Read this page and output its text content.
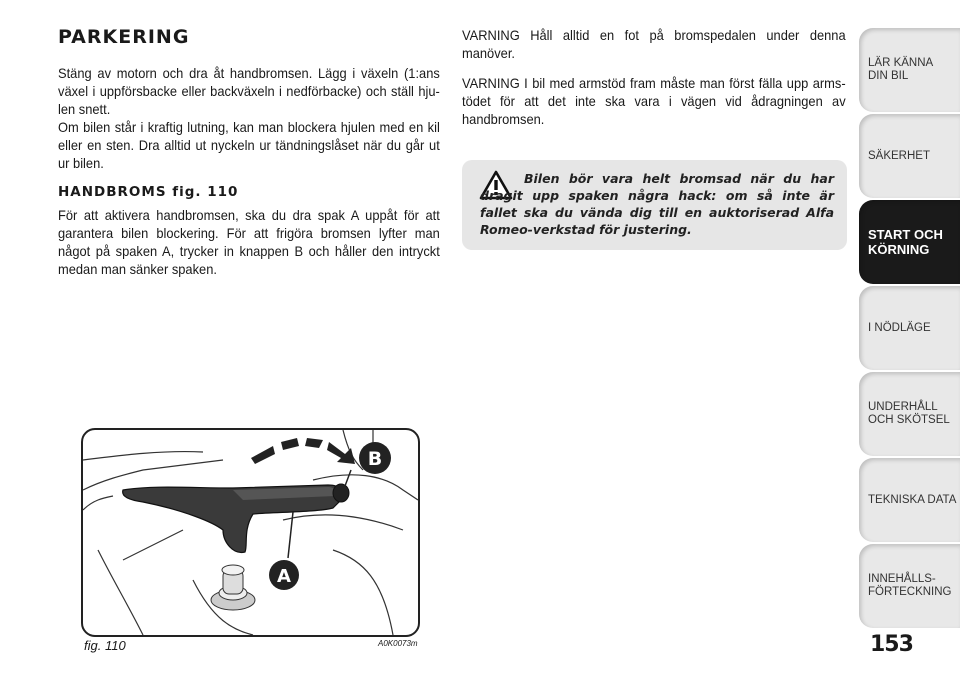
PARKERING

Stäng av motorn och dra åt handbromsen. Lägg i växeln (1:ans växel i uppförsbacke eller backväxeln i nedförbacke) och ställ hju-len snett.

Om bilen står i kraftig lutning, kan man blockera hjulen med en kil eller en sten. Dra alltid ut nyckeln ur tändningslåset när du går ut ur bilen.

HANDBROMS fig. 110

För att aktivera handbromsen, ska du dra spak A uppåt för att garantera bilen blockering. För att frigöra bromsen lyfter man något på spaken A, trycker in knappen B och håller den intryckt medan man sänker spaken.

VARNING Håll alltid en fot på bromspedalen under denna manöver.

VARNING I bil med armstöd fram måste man först fälla upp arms-tödet för att det inte ska vara i vägen vid ådragningen av handbromsen.

Bilen bör vara helt bromsad när du har dragit upp spaken några hack: om så inte är fallet ska du vända dig till en auktoriserad Alfa Romeo-verkstad för justering.
B
A
fig. 110	A0K0073m
LÄR KÄNNA
DIN BIL
SÄKERHET
START OCH
KÖRNING
I NÖDLÄGE
UNDERHÅLL
OCH SKÖTSEL
TEKNISKA DATA
INNEHÅLLS-
FÖRTECKNING
153
